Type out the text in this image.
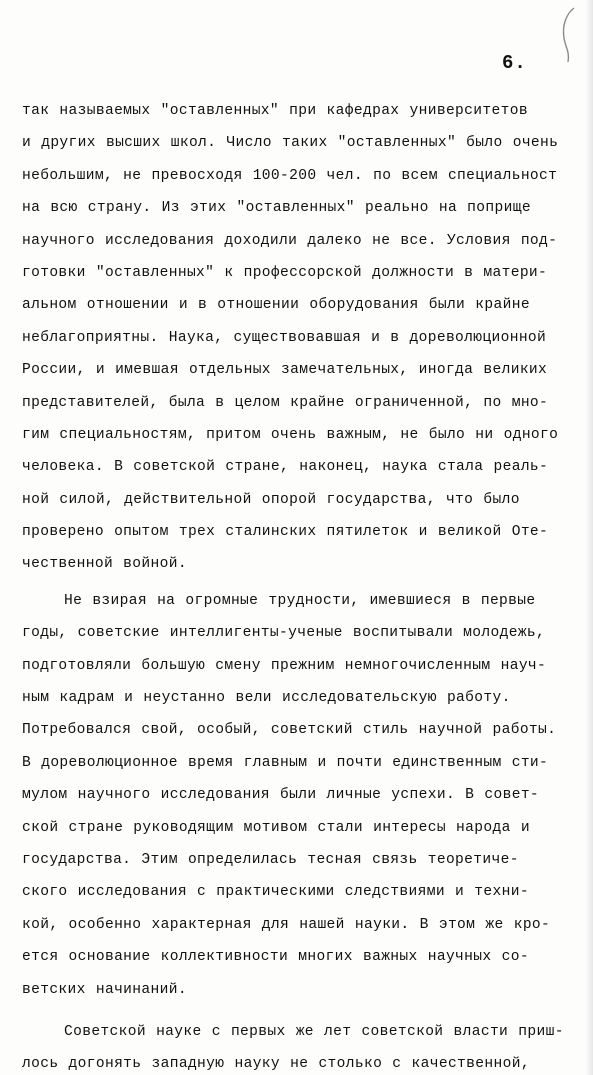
6.
так называемых "оставленных" при кафедрах университетов
и других высших школ. Число таких "оставленных" было очень
небольшим, не превосходя 100-200 чел. по всем специальност
на всю страну. Из этих "оставленных" реально на поприще
научного исследования доходили далеко не все. Условия под-
готовки "оставленных" к профессорской должности в матери-
альном отношении и в отношении оборудования были крайне
неблагоприятны. Наука, существовавшая и в дореволюционной
России, и имевшая отдельных замечательных, иногда великих
представителей, была в целом крайне ограниченной, по мно-
гим специальностям, притом очень важным, не было ни одного
человека. В советской стране, наконец, наука стала реаль-
ной силой, действительной опорой государства, что было
проверено опытом трех сталинских пятилеток и великой Оте-
чественной войной.
Не взирая на огромные трудности, имевшиеся в первые
годы, советские интеллигенты-ученые воспитывали молодежь,
подготовляли большую смену прежним немногочисленным науч-
ным кадрам и неустанно вели исследовательскую работу.
Потребовался свой, особый, советский стиль научной работы.
В дореволюционное время главным и почти единственным сти-
мулом научного исследования были личные успехи. В совет-
ской стране руководящим мотивом стали интересы народа и
государства. Этим определилась тесная связь теоретиче-
ского исследования с практическими следствиями и техни-
кой, особенно характерная для нашей науки. В этом же кро-
ется основание коллективности многих важных научных со-
ветских начинаний.
Советской науке с первых же лет советской власти приш-
лось догонять западную науку не столько с качественной,
